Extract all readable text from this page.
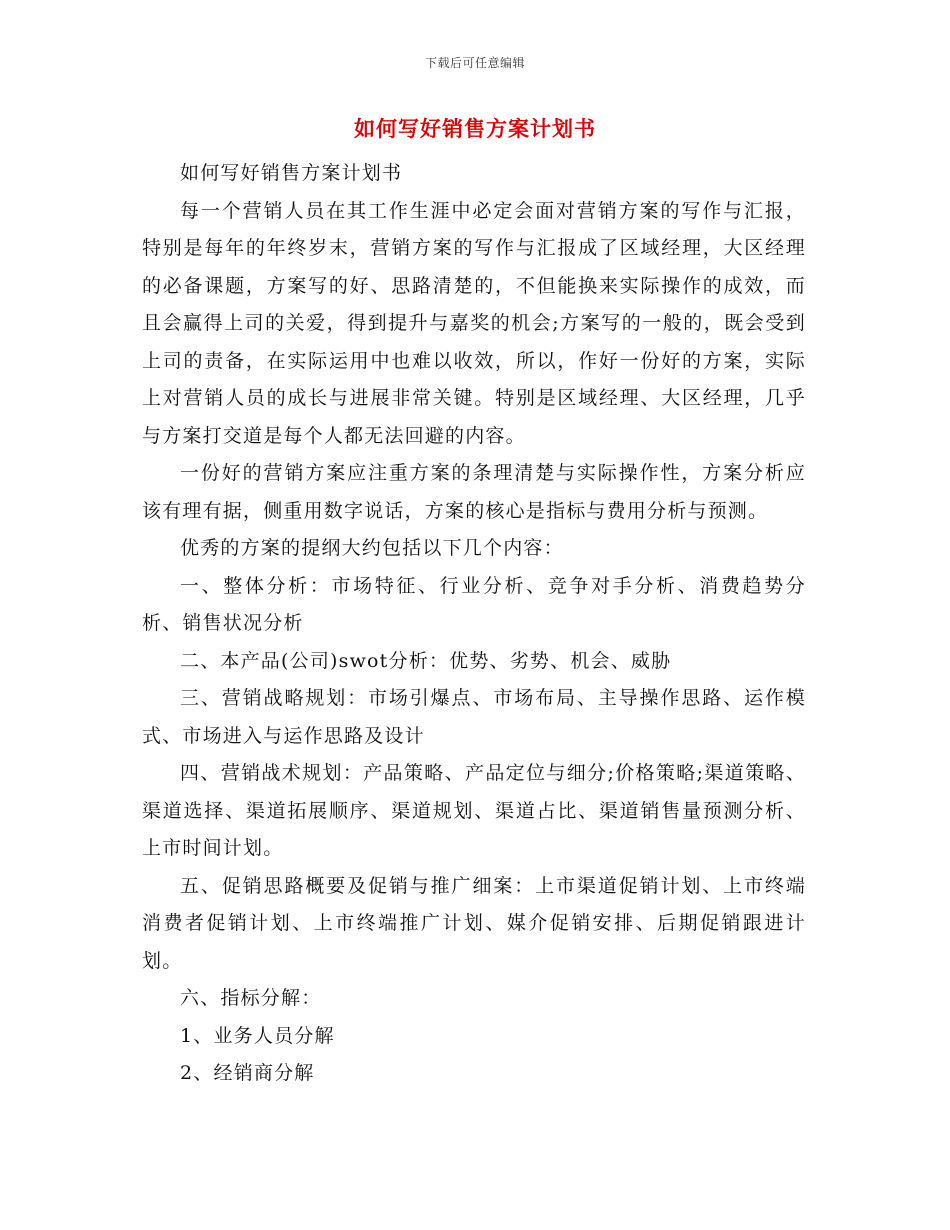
下载后可任意编辑
如何写好销售方案计划书

如何写好销售方案计划书

每一个营销人员在其工作生涯中必定会面对营销方案的写作与汇报，特别是每年的年终岁末，营销方案的写作与汇报成了区域经理，大区经理的必备课题，方案写的好、思路清楚的，不但能换来实际操作的成效，而且会赢得上司的关爱，得到提升与嘉奖的机会;方案写的一般的，既会受到上司的责备，在实际运用中也难以收效，所以，作好一份好的方案，实际上对营销人员的成长与进展非常关键。特别是区域经理、大区经理，几乎与方案打交道是每个人都无法回避的内容。

一份好的营销方案应注重方案的条理清楚与实际操作性，方案分析应该有理有据，侧重用数字说话，方案的核心是指标与费用分析与预测。

优秀的方案的提纲大约包括以下几个内容：

一、整体分析：市场特征、行业分析、竞争对手分析、消费趋势分析、销售状况分析

二、本产品(公司)swot分析：优势、劣势、机会、威胁

三、营销战略规划：市场引爆点、市场布局、主导操作思路、运作模式、市场进入与运作思路及设计

四、营销战术规划：产品策略、产品定位与细分;价格策略;渠道策略、渠道选择、渠道拓展顺序、渠道规划、渠道占比、渠道销售量预测分析、上市时间计划。

五、促销思路概要及促销与推广细案：上市渠道促销计划、上市终端消费者促销计划、上市终端推广计划、媒介促销安排、后期促销跟进计划。

六、指标分解：

1、业务人员分解

2、经销商分解
